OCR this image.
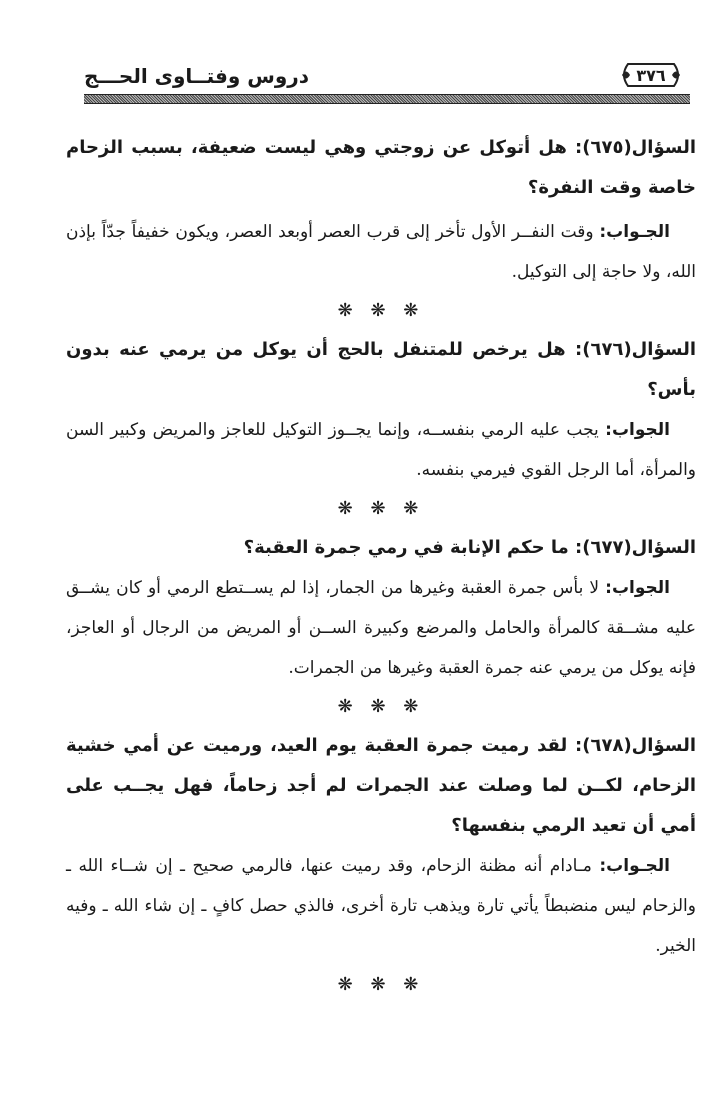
دروس وفتــاوى الحـــج	٣٧٦

السؤال(٦٧٥): هل أتوكل عن زوجتي وهي ليست ضعيفة، بسبب الزحام خاصة وقت النفرة؟

الجـواب: وقت النفــر الأول تأخر إلى قرب العصر أوبعد العصر، ويكون خفيفاً جدّاً بإذن الله، ولا حاجة إلى التوكيل.

❋ ❋ ❋

السؤال(٦٧٦): هل يرخص للمتنفل بالحج أن يوكل من يرمي عنه بدون بأس؟

الجواب: يجب عليه الرمي بنفســه، وإنما يجــوز التوكيل للعاجز والمريض وكبير السن والمرأة، أما الرجل القوي فيرمي بنفسه.

❋ ❋ ❋

السؤال(٦٧٧): ما حكم الإنابة في رمي جمرة العقبة؟

الجواب: لا بأس جمرة العقبة وغيرها من الجمار، إذا لم يســتطع الرمي أو كان يشــق عليه مشــقة كالمرأة والحامل والمرضع وكبيرة الســن أو المريض من الرجال أو العاجز، فإنه يوكل من يرمي عنه جمرة العقبة وغيرها من الجمرات.

❋ ❋ ❋

السؤال(٦٧٨): لقد رميت جمرة العقبة يوم العيد، ورميت عن أمي خشية الزحام، لكــن لما وصلت عند الجمرات لم أجد زحاماً، فهل يجــب على أمي أن تعيد الرمي بنفسها؟

الجـواب: مـادام أنه مظنة الزحام، وقد رميت عنها، فالرمي صحيح ـ إن شــاء الله ـ والزحام ليس منضبطاً يأتي تارة ويذهب تارة أخرى، فالذي حصل كافٍ ـ إن شاء الله ـ وفيه الخير.

❋ ❋ ❋
